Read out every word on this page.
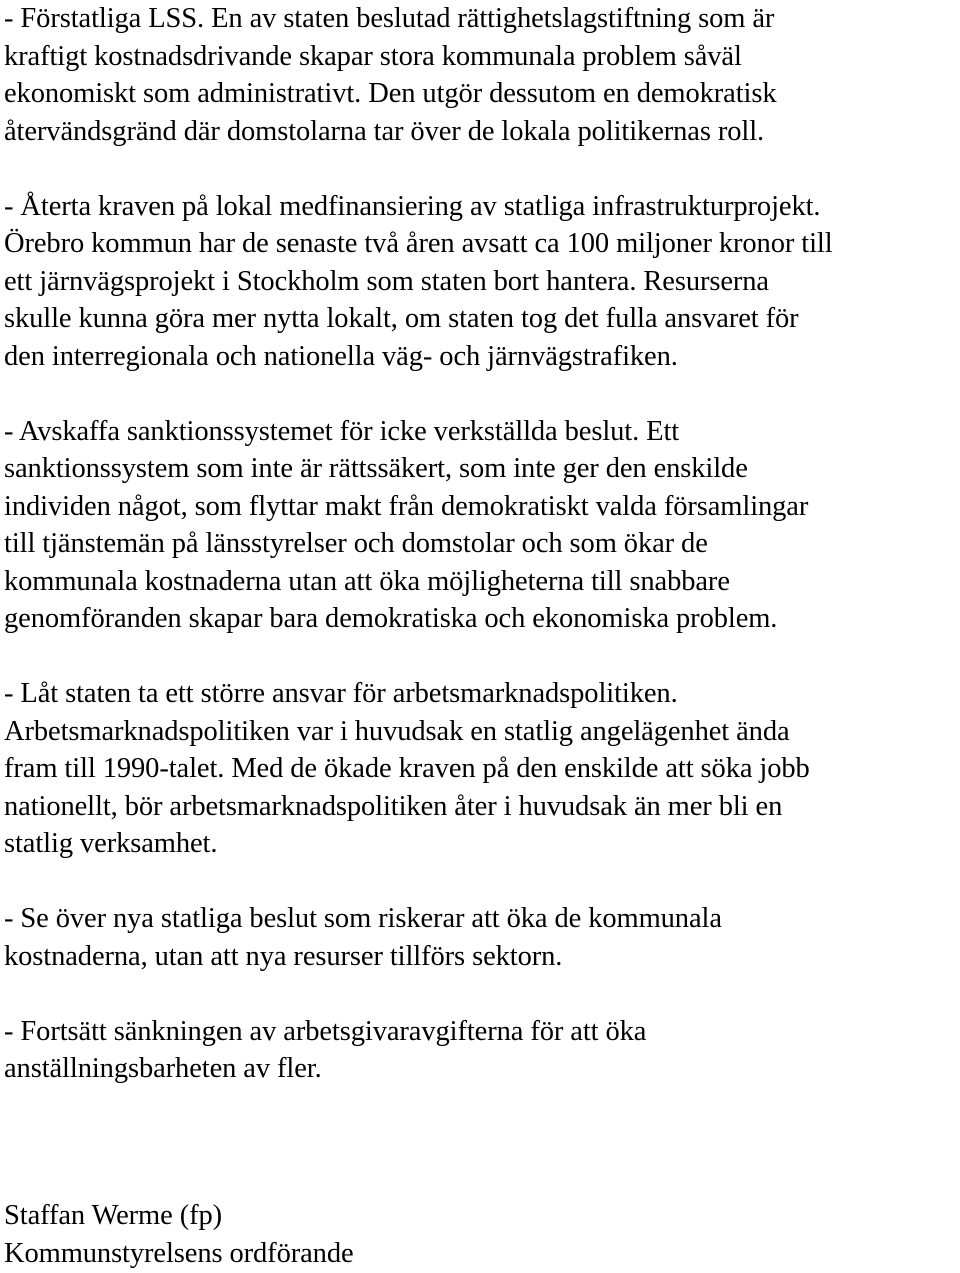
- Förstatliga LSS. En av staten beslutad rättighetslagstiftning som är
kraftigt kostnadsdrivande skapar stora kommunala problem såväl
ekonomiskt som administrativt. Den utgör dessutom en demokratisk
återvändsgränd där domstolarna tar över de lokala politikernas roll.

- Återta kraven på lokal medfinansiering av statliga infrastrukturprojekt.
Örebro kommun har de senaste två åren avsatt ca 100 miljoner kronor till
ett järnvägsprojekt i Stockholm som staten bort hantera. Resurserna
skulle kunna göra mer nytta lokalt, om staten tog det fulla ansvaret för
den interregionala och nationella väg- och järnvägstrafiken.

- Avskaffa sanktionssystemet för icke verkställda beslut. Ett
sanktionssystem som inte är rättssäkert, som inte ger den enskilde
individen något, som flyttar makt från demokratiskt valda församlingar
till tjänstemän på länsstyrelser och domstolar och som ökar de
kommunala kostnaderna utan att öka möjligheterna till snabbare
genomföranden skapar bara demokratiska och ekonomiska problem.

- Låt staten ta ett större ansvar för arbetsmarknadspolitiken.
Arbetsmarknadspolitiken var i huvudsak en statlig angelägenhet ända
fram till 1990-talet. Med de ökade kraven på den enskilde att söka jobb
nationellt, bör arbetsmarknadspolitiken åter i huvudsak än mer bli en
statlig verksamhet.

- Se över nya statliga beslut som riskerar att öka de kommunala
kostnaderna, utan att nya resurser tillförs sektorn.

- Fortsätt sänkningen av arbetsgivaravgifterna för att öka
anställningsbarheten av fler.

Staffan Werme (fp)
Kommunstyrelsens ordförande
